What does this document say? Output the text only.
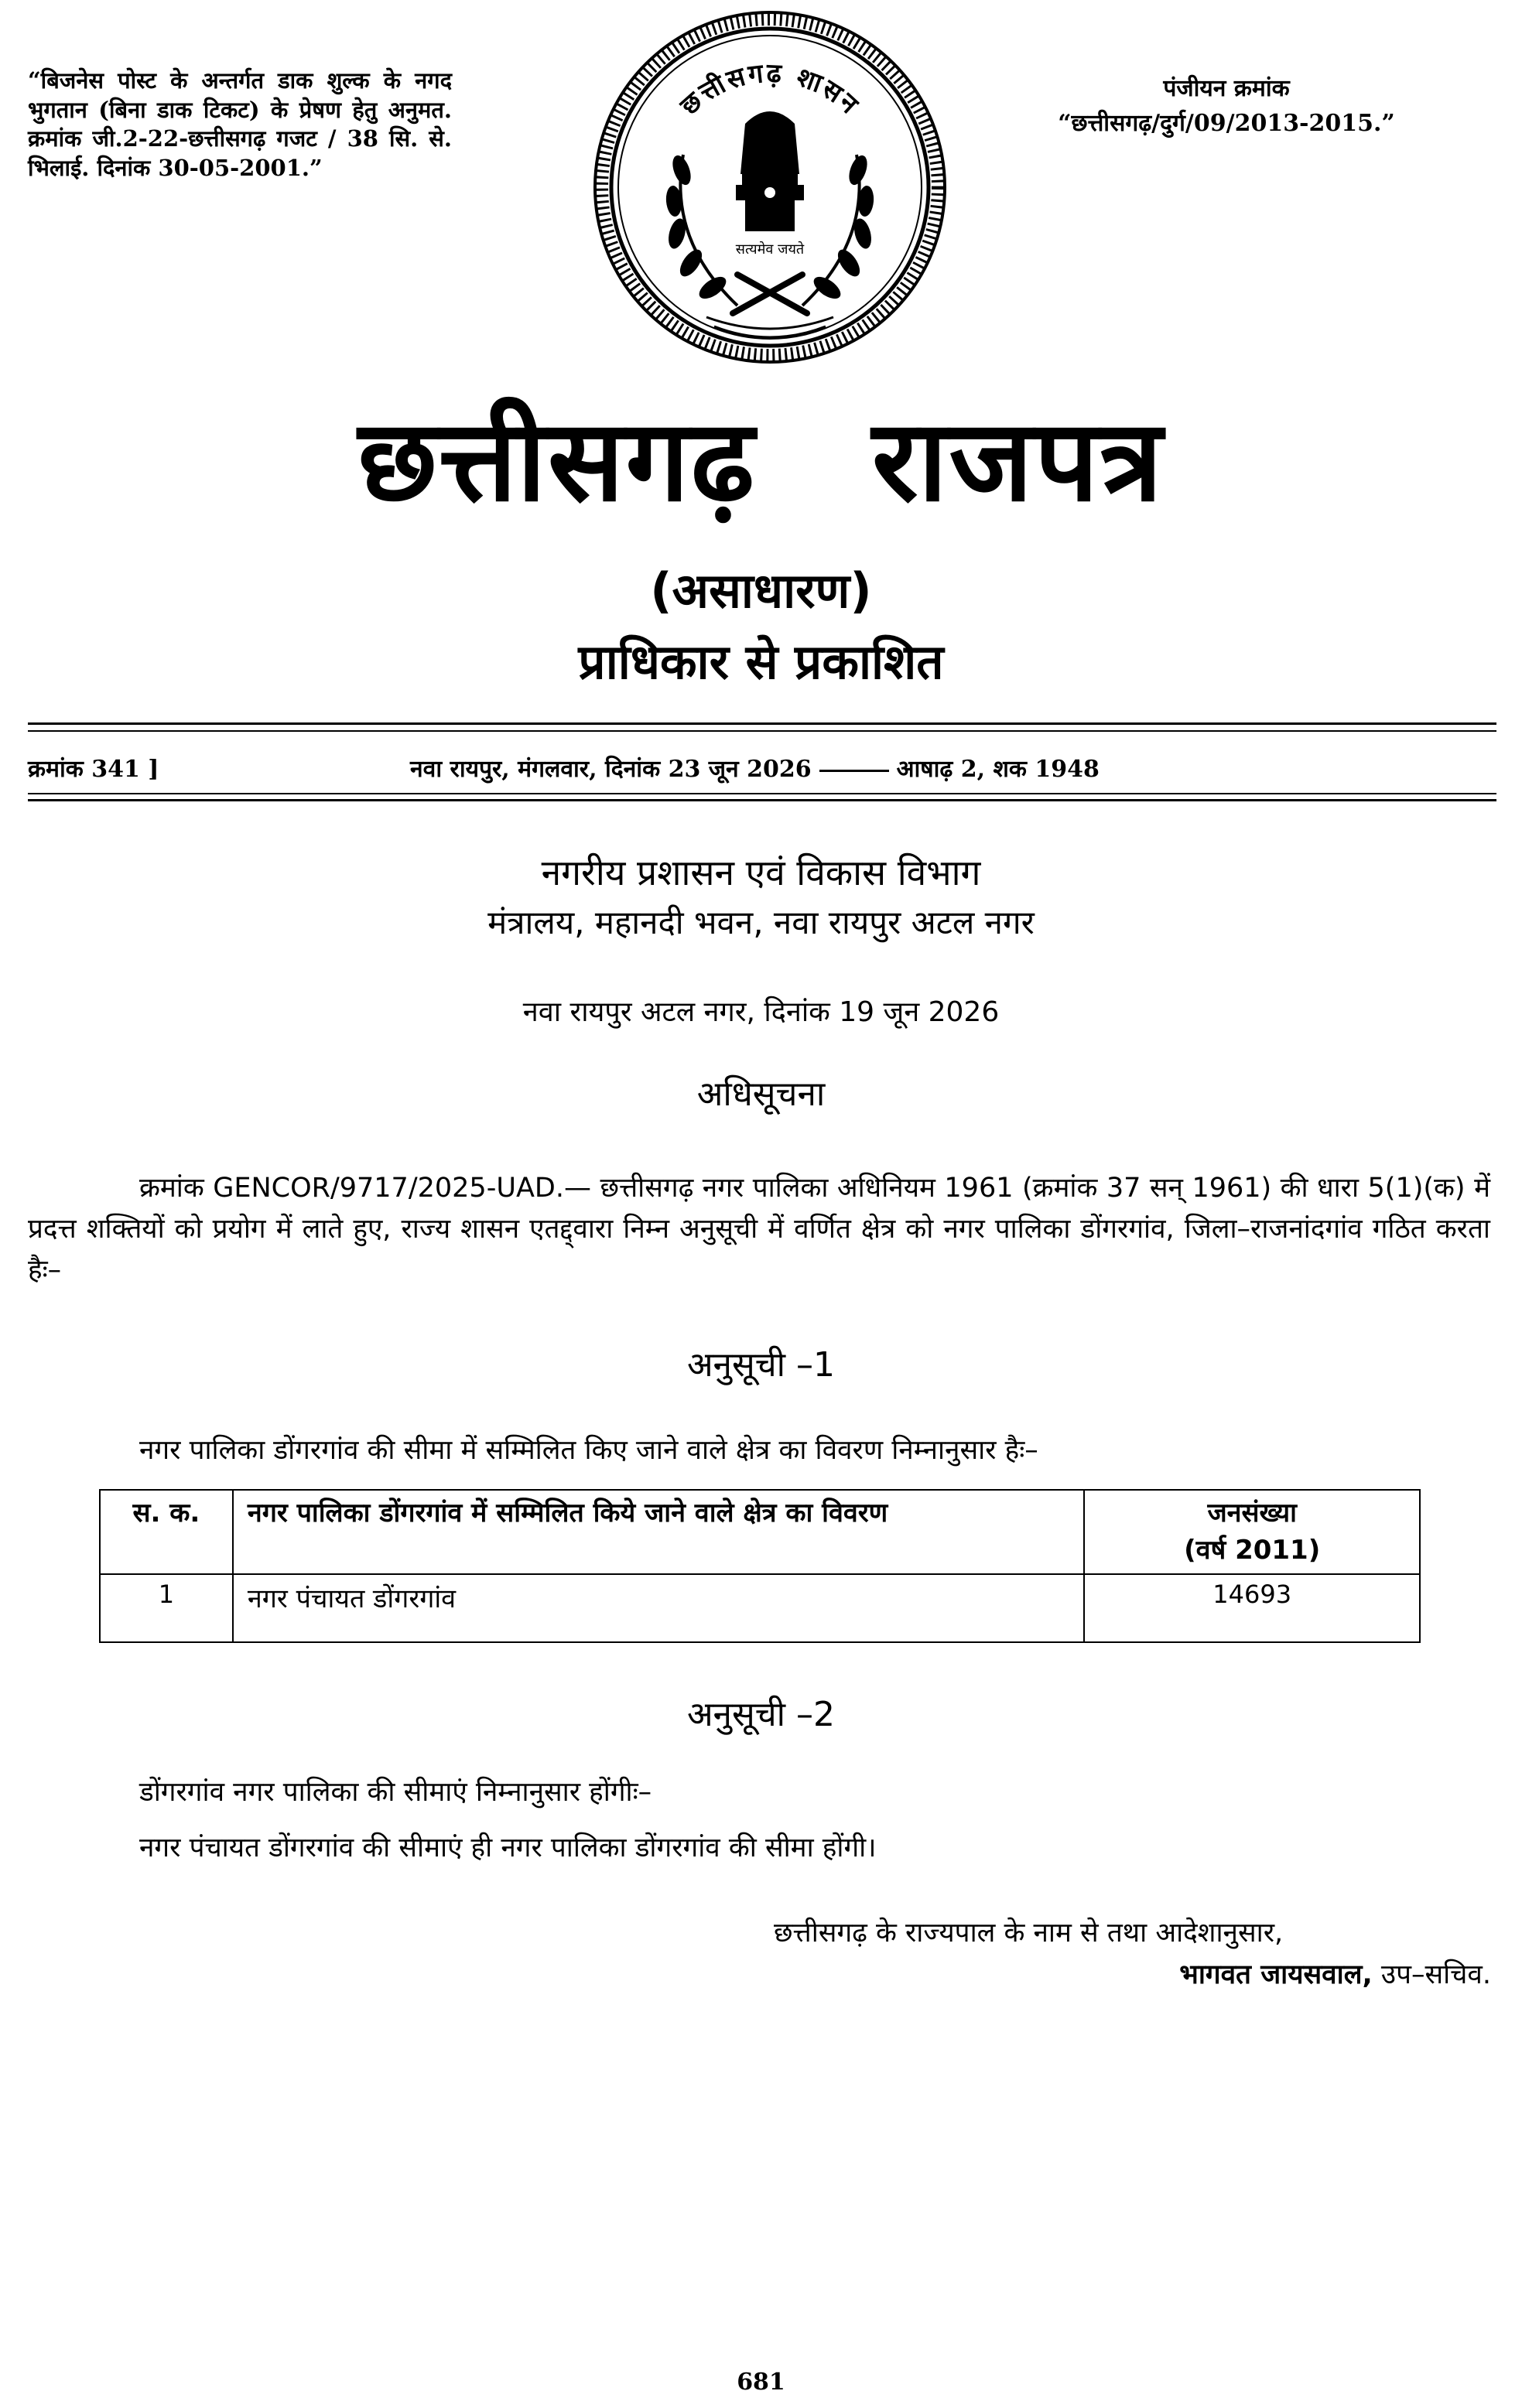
“बिजनेस पोस्ट के अन्तर्गत डाक शुल्क के नगद भुगतान (बिना डाक टिकट) के प्रेषण हेतु अनुमत. क्रमांक जी.2-22-छत्तीसगढ़ गजट / 38 सि. से. भिलाई. दिनांक 30-05-2001.”
पंजीयन क्रमांक
“छत्तीसगढ़/दुर्ग/09/2013-2015.”
छत्तीसगढ़ शासन
सत्यमेव जयते
छत्तीसगढ़ राजपत्र
(असाधारण)
प्राधिकार से प्रकाशित
क्रमांक 341 ]	नवा रायपुर, मंगलवार, दिनांक 23 जून 2026	आषाढ़ 2, शक 1948
नगरीय प्रशासन एवं विकास विभाग
मंत्रालय, महानदी भवन, नवा रायपुर अटल नगर
नवा रायपुर अटल नगर, दिनांक 19 जून 2026
अधिसूचना
क्रमांक GENCOR/9717/2025-UAD.— छत्तीसगढ़ नगर पालिका अधिनियम 1961 (क्रमांक 37 सन् 1961) की धारा 5(1)(क) में प्रदत्त शक्तियों को प्रयोग में लाते हुए, राज्य शासन एतद्द्वारा निम्न अनुसूची में वर्णित क्षेत्र को नगर पालिका डोंगरगांव, जिला–राजनांदगांव गठित करता हैः–
अनुसूची –1
नगर पालिका डोंगरगांव की सीमा में सम्मिलित किए जाने वाले क्षेत्र का विवरण निम्नानुसार हैः–
स. क.	नगर पालिका डोंगरगांव में सम्मिलित किये जाने वाले क्षेत्र का विवरण	जनसंख्या
(वर्ष 2011)

1	नगर पंचायत डोंगरगांव	14693
अनुसूची –2
डोंगरगांव नगर पालिका की सीमाएं निम्नानुसार होंगीः–
नगर पंचायत डोंगरगांव की सीमाएं ही नगर पालिका डोंगरगांव की सीमा होंगी।
छत्तीसगढ़ के राज्यपाल के नाम से तथा आदेशानुसार,
भागवत जायसवाल, उप–सचिव.
681
